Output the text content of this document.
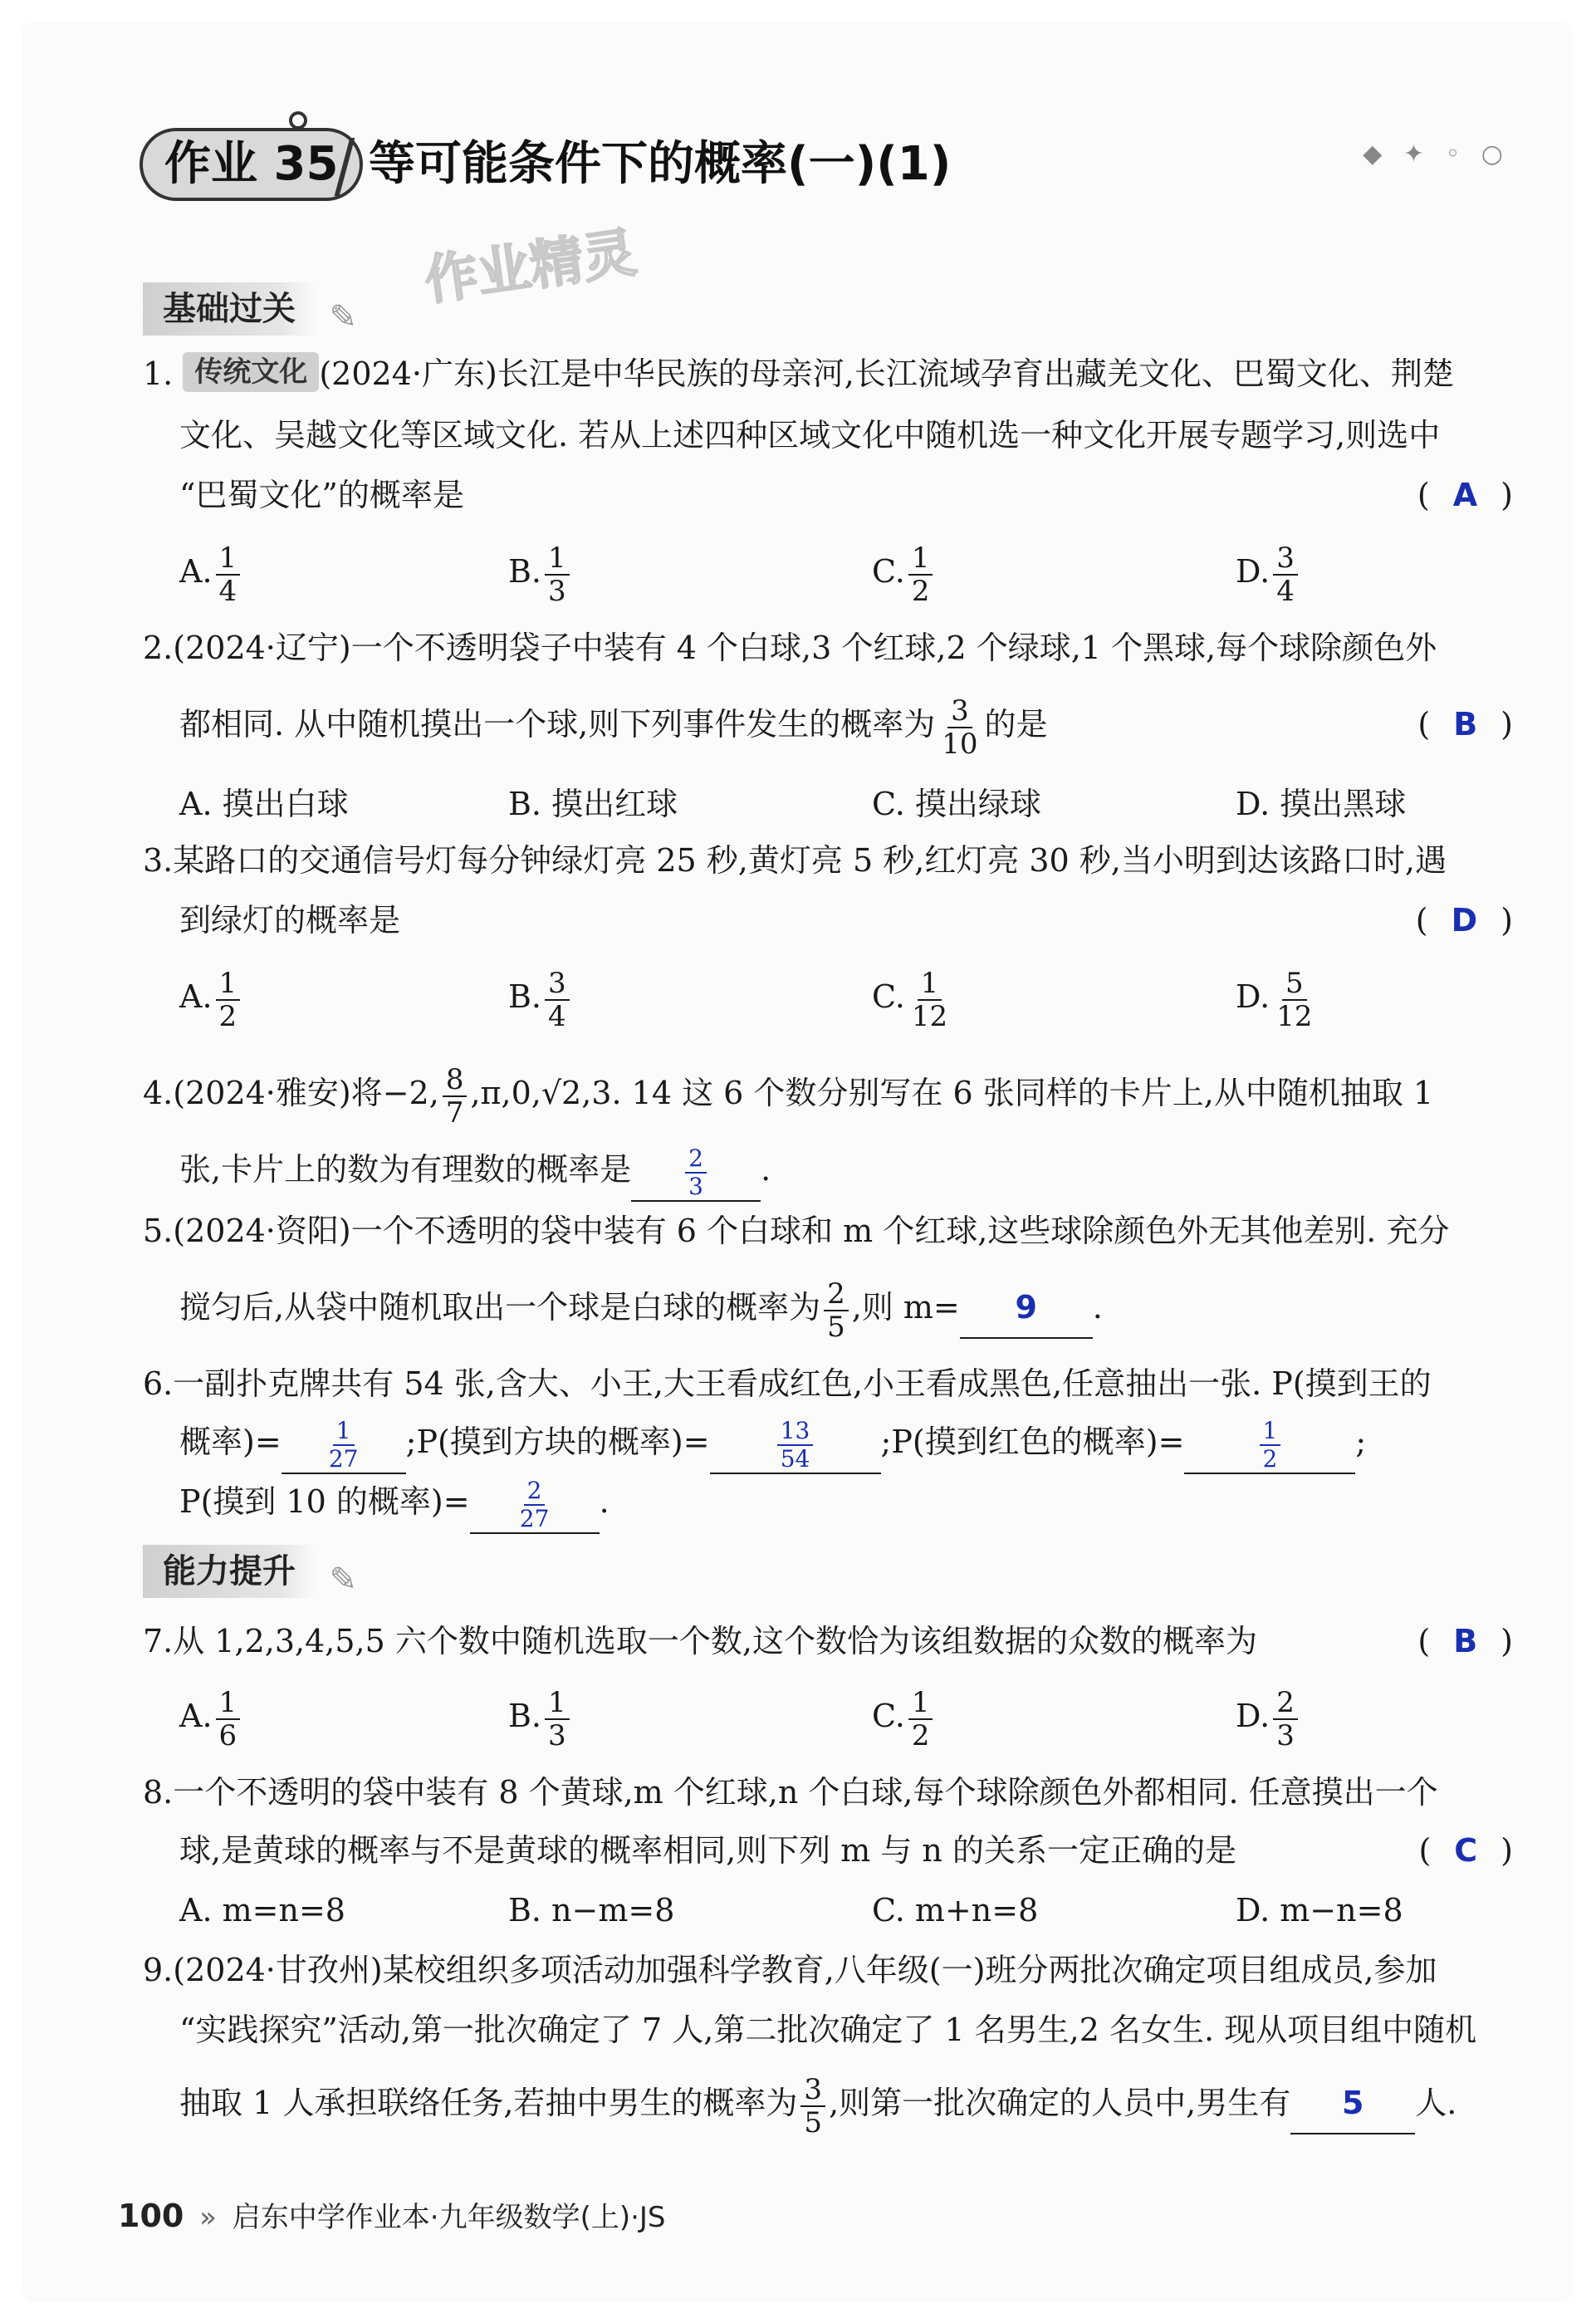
作业 35 等可能条件下的概率(一)(1)	◆ ✦ ◦ ○
作业精灵
基础过关 ✎
1. 传统文化 (2024·广东)长江是中华民族的母亲河,长江流域孕育出藏羌文化、巴蜀文化、荆楚
文化、吴越文化等区域文化. 若从上述四种区域文化中随机选一种文化开展专题学习,则选中
“巴蜀文化”的概率是	( A )
A. $\frac{1}{4}$	B. $\frac{1}{3}$	C. $\frac{1}{2}$	D. $\frac{3}{4}$
2.(2024·辽宁)一个不透明袋子中装有 4 个白球,3 个红球,2 个绿球,1 个黑球,每个球除颜色外
都相同. 从中随机摸出一个球,则下列事件发生的概率为 $\frac{3}{10}$ 的是	( B )
A. 摸出白球	B. 摸出红球	C. 摸出绿球	D. 摸出黑球
3.某路口的交通信号灯每分钟绿灯亮 25 秒,黄灯亮 5 秒,红灯亮 30 秒,当小明到达该路口时,遇
到绿灯的概率是	( D )
A. $\frac{1}{2}$	B. $\frac{3}{4}$	C. $\frac{1}{12}$	D. $\frac{5}{12}$
4.(2024·雅安)将−2, $\frac{8}{7} ,\pi,0,√2,3$. 14 这 6 个数分别写在 6 张同样的卡片上,从中随机抽取 1
张,卡片上的数为有理数的概率是 $\frac{2}{3}$ .
5.(2024·资阳)一个不透明的袋中装有 6 个白球和 m 个红球,这些球除颜色外无其他差别. 充分
搅匀后,从袋中随机取出一个球是白球的概率为 $\frac{2}{5}$ ,则 m= 9 .
6.一副扑克牌共有 54 张,含大、小王,大王看成红色,小王看成黑色,任意抽出一张. P(摸到王的
概率)= $\frac{1}{27}$ ;P(摸到方块的概率)=	$\frac{13}{54}$ ;P(摸到红色的概率)=	$\frac{1}{2}$ ;
P(摸到 10 的概率)= $\frac{2}{27}$ .
能力提升 ✎
7.从 1,2,3,4,5,5 六个数中随机选取一个数,这个数恰为该组数据的众数的概率为	( B )
A. $\frac{1}{6}$	B. $\frac{1}{3}$	C. $\frac{1}{2}$	D. $\frac{2}{3}$
8.一个不透明的袋中装有 8 个黄球,m 个红球,n 个白球,每个球除颜色外都相同. 任意摸出一个
球,是黄球的概率与不是黄球的概率相同,则下列 m 与 n 的关系一定正确的是	( C )
A. m=n=8	B. n−m=8	C. m+n=8	D. m−n=8
9.(2024·甘孜州)某校组织多项活动加强科学教育,八年级(一)班分两批次确定项目组成员,参加
“实践探究”活动,第一批次确定了 7 人,第二批次确定了 1 名男生,2 名女生. 现从项目组中随机
抽取 1 人承担联络任务,若抽中男生的概率为 $\frac{3}{5}$ ,则第一批次确定的人员中,男生有 5 人.
100 » 启东中学作业本·九年级数学(上)·JS
